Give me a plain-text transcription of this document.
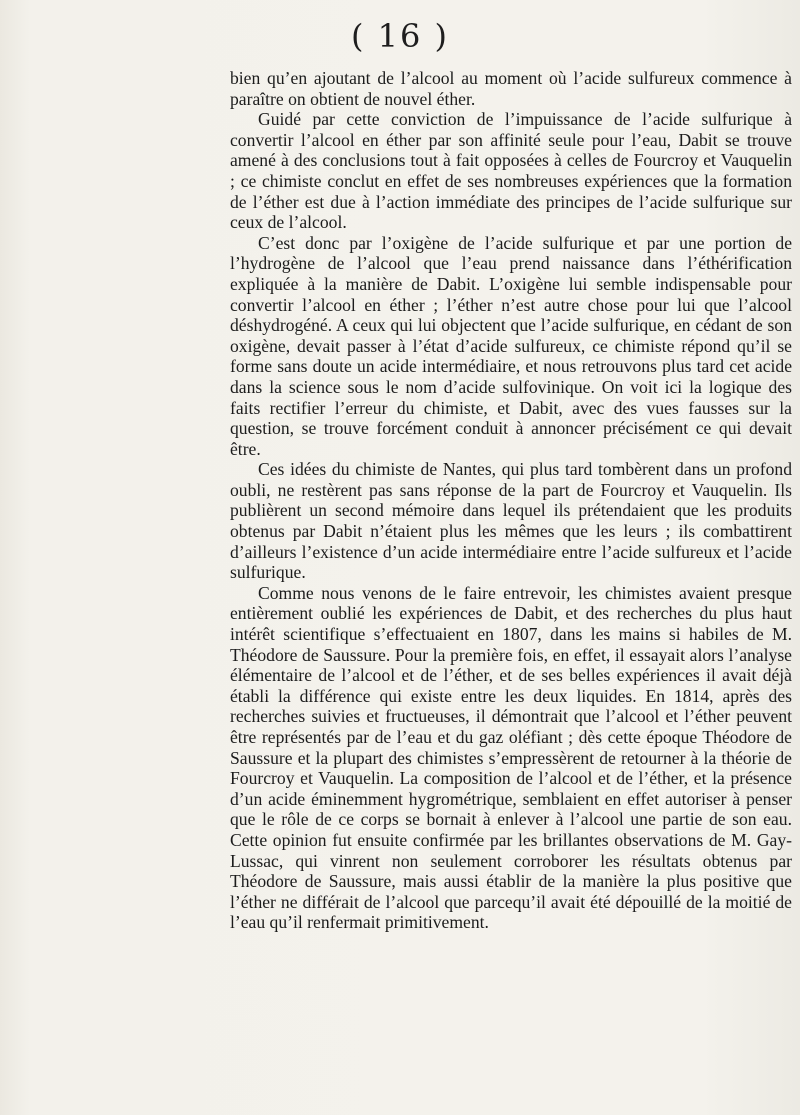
( 16 )

bien qu’en ajoutant de l’alcool au moment où l’acide sulfureux commence à paraître on obtient de nouvel éther.

Guidé par cette conviction de l’impuissance de l’acide sulfurique à convertir l’alcool en éther par son affinité seule pour l’eau, Dabit se trouve amené à des conclusions tout à fait opposées à celles de Fourcroy et Vauquelin ; ce chimiste conclut en effet de ses nombreuses expériences que la formation de l’éther est due à l’action immédiate des principes de l’acide sulfurique sur ceux de l’alcool.

C’est donc par l’oxigène de l’acide sulfurique et par une portion de l’hydrogène de l’alcool que l’eau prend naissance dans l’éthérification expliquée à la manière de Dabit. L’oxigène lui semble indispensable pour convertir l’alcool en éther ; l’éther n’est autre chose pour lui que l’alcool déshydrogéné. A ceux qui lui objectent que l’acide sulfurique, en cédant de son oxigène, devait passer à l’état d’acide sulfureux, ce chimiste répond qu’il se forme sans doute un acide intermédiaire, et nous retrouvons plus tard cet acide dans la science sous le nom d’acide sulfovinique. On voit ici la logique des faits rectifier l’erreur du chimiste, et Dabit, avec des vues fausses sur la question, se trouve forcément conduit à annoncer précisément ce qui devait être.

Ces idées du chimiste de Nantes, qui plus tard tombèrent dans un profond oubli, ne restèrent pas sans réponse de la part de Fourcroy et Vauquelin. Ils publièrent un second mémoire dans lequel ils prétendaient que les produits obtenus par Dabit n’étaient plus les mêmes que les leurs ; ils combattirent d’ailleurs l’existence d’un acide intermédiaire entre l’acide sulfureux et l’acide sulfurique.

Comme nous venons de le faire entrevoir, les chimistes avaient presque entièrement oublié les expériences de Dabit, et des recherches du plus haut intérêt scientifique s’effectuaient en 1807, dans les mains si habiles de M. Théodore de Saussure. Pour la première fois, en effet, il essayait alors l’analyse élémentaire de l’alcool et de l’éther, et de ses belles expériences il avait déjà établi la différence qui existe entre les deux liquides. En 1814, après des recherches suivies et fructueuses, il démontrait que l’alcool et l’éther peuvent être représentés par de l’eau et du gaz oléfiant ; dès cette époque Théodore de Saussure et la plupart des chimistes s’empressèrent de retourner à la théorie de Fourcroy et Vauquelin. La composition de l’alcool et de l’éther, et la présence d’un acide éminemment hygrométrique, semblaient en effet autoriser à penser que le rôle de ce corps se bornait à enlever à l’alcool une partie de son eau. Cette opinion fut ensuite confirmée par les brillantes observations de M. Gay-Lussac, qui vinrent non seulement corroborer les résultats obtenus par Théodore de Saussure, mais aussi établir de la manière la plus positive que l’éther ne différait de l’alcool que parcequ’il avait été dépouillé de la moitié de l’eau qu’il renfermait primitivement.
